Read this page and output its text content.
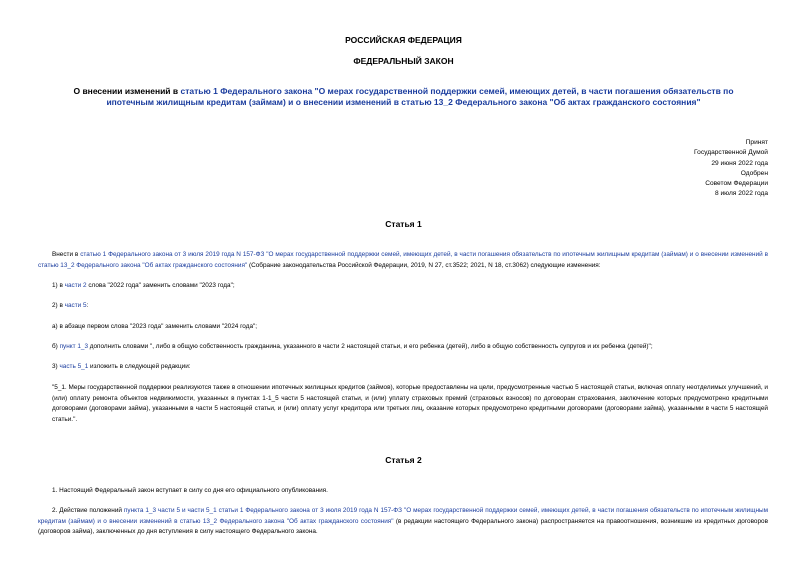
РОССИЙСКАЯ ФЕДЕРАЦИЯ
ФЕДЕРАЛЬНЫЙ ЗАКОН
О внесении изменений в статью 1 Федерального закона "О мерах государственной поддержки семей, имеющих детей, в части погашения обязательств по ипотечным жилищным кредитам (займам) и о внесении изменений в статью 13_2 Федерального закона "Об актах гражданского состояния"
Принят
Государственной Думой
29 июня 2022 года
Одобрен
Советом Федерации
8 июля 2022 года
Статья 1
Внести в статью 1 Федерального закона от 3 июля 2019 года N 157-ФЗ "О мерах государственной поддержки семей, имеющих детей, в части погашения обязательств по ипотечным жилищным кредитам (займам) и о внесении изменений в статью 13_2 Федерального закона "Об актах гражданского состояния" (Собрание законодательства Российской Федерации, 2019, N 27, ст.3522; 2021, N 18, ст.3062) следующие изменения:
1) в части 2 слова "2022 года" заменить словами "2023 года";
2) в части 5:
а) в абзаце первом слова "2023 года" заменить словами "2024 года";
б) пункт 1_3 дополнить словами ", либо в общую собственность гражданина, указанного в части 2 настоящей статьи, и его ребенка (детей), либо в общую собственность супругов и их ребенка (детей)";
3) часть 5_1 изложить в следующей редакции:
"5_1. Меры государственной поддержки реализуются также в отношении ипотечных жилищных кредитов (займов), которые предоставлены на цели, предусмотренные частью 5 настоящей статьи, включая оплату неотделимых улучшений, и (или) оплату ремонта объектов недвижимости, указанных в пунктах 1-1_5 части 5 настоящей статьи, и (или) уплату страховых премий (страховых взносов) по договорам страхования, заключение которых предусмотрено кредитными договорами (договорами займа), указанными в части 5 настоящей статьи, и (или) оплату услуг кредитора или третьих лиц, оказание которых предусмотрено кредитными договорами (договорами займа), указанными в части 5 настоящей статьи.".
Статья 2
1. Настоящий Федеральный закон вступает в силу со дня его официального опубликования.
2. Действие положений пункта 1_3 части 5 и части 5_1 статьи 1 Федерального закона от 3 июля 2019 года N 157-ФЗ "О мерах государственной поддержки семей, имеющих детей, в части погашения обязательств по ипотечным жилищным кредитам (займам) и о внесении изменений в статью 13_2 Федерального закона "Об актах гражданского состояния" (в редакции настоящего Федерального закона) распространяется на правоотношения, возникшие из кредитных договоров (договоров займа), заключенных до дня вступления в силу настоящего Федерального закона.
